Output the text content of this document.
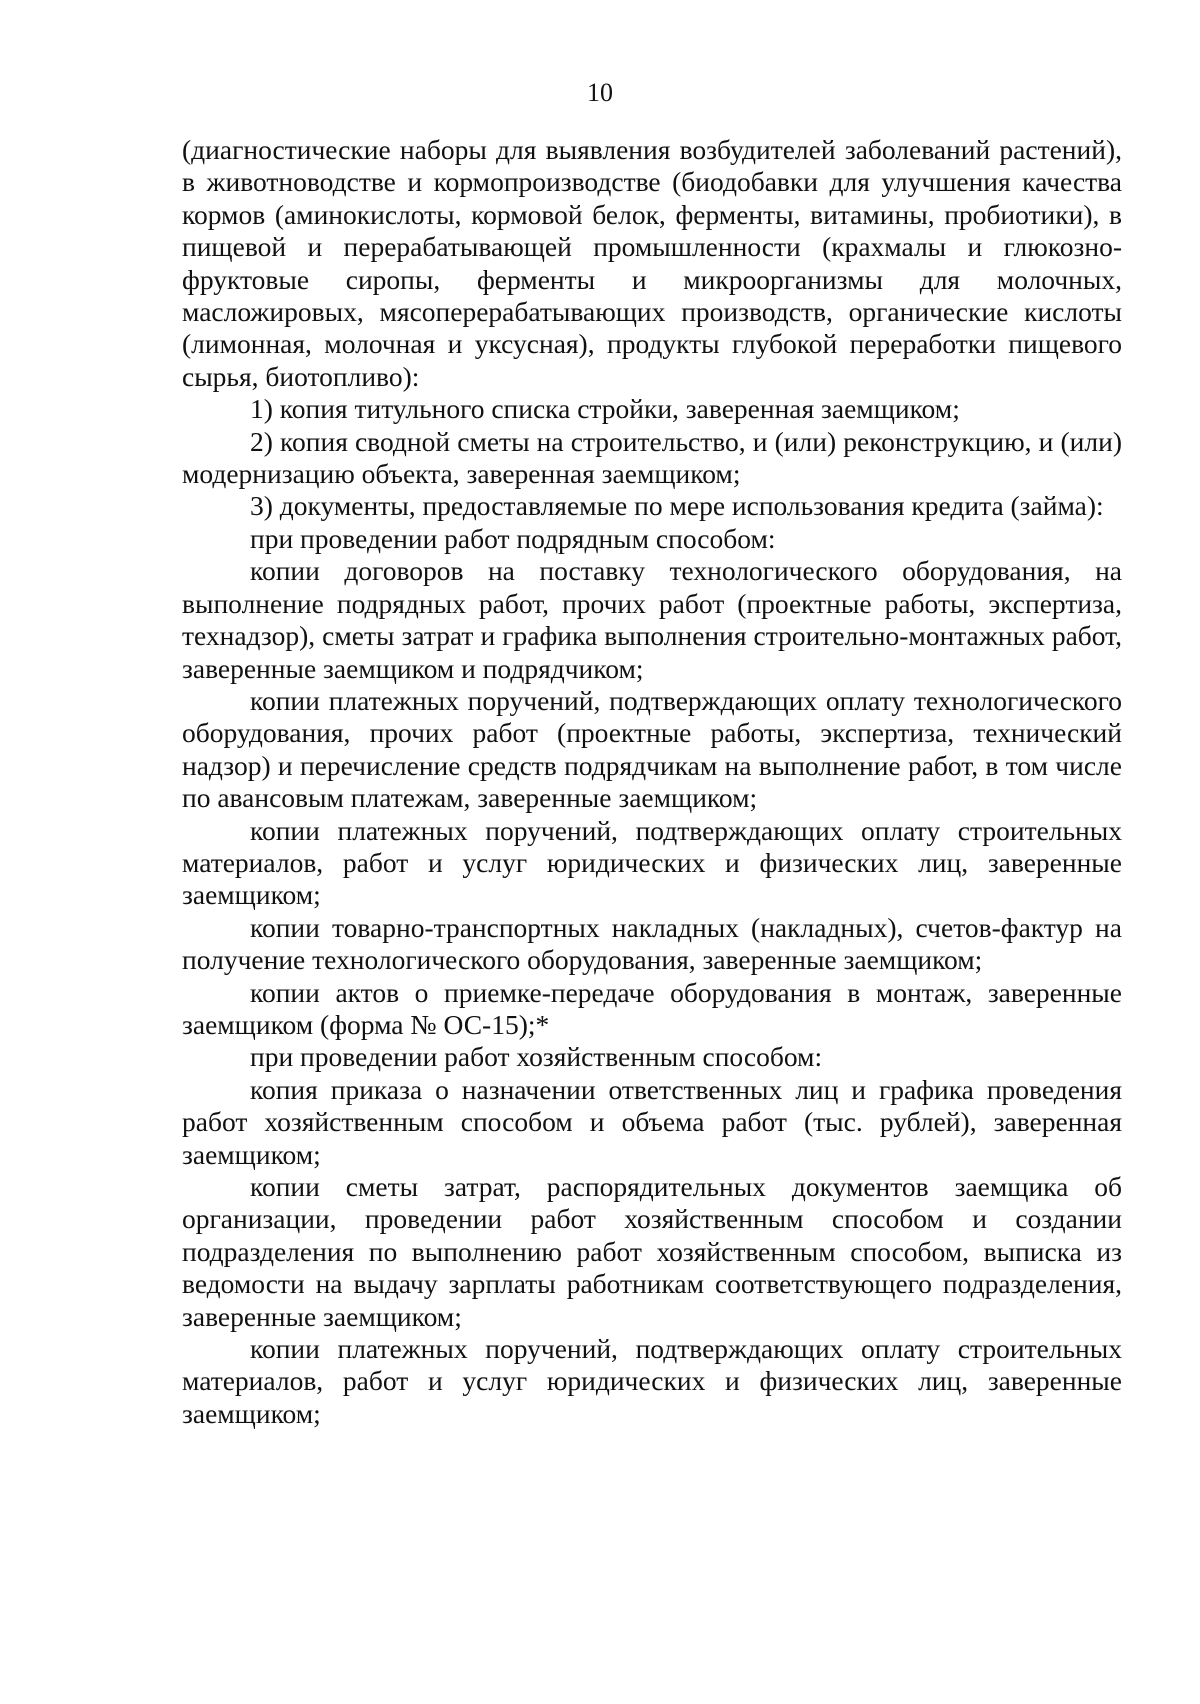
10

(диагностические наборы для выявления возбудителей заболеваний растений), в животноводстве и кормопроизводстве (биодобавки для улучшения качества кормов (аминокислоты, кормовой белок, ферменты, витамины, пробиотики), в пищевой и перерабатывающей промышленности (крахмалы и глюкозно-фруктовые сиропы, ферменты и микроорганизмы для молочных, масложировых, мясоперерабатывающих производств, органические кислоты (лимонная, молочная и уксусная), продукты глубокой переработки пищевого сырья, биотопливо):

1) копия титульного списка стройки, заверенная заемщиком;

2) копия сводной сметы на строительство, и (или) реконструкцию, и (или) модернизацию объекта, заверенная заемщиком;

3) документы, предоставляемые по мере использования кредита (займа):

при проведении работ подрядным способом:

копии договоров на поставку технологического оборудования, на выполнение подрядных работ, прочих работ (проектные работы, экспертиза, технадзор), сметы затрат и графика выполнения строительно-монтажных работ, заверенные заемщиком и подрядчиком;

копии платежных поручений, подтверждающих оплату технологического оборудования, прочих работ (проектные работы, экспертиза, технический надзор) и перечисление средств подрядчикам на выполнение работ, в том числе по авансовым платежам, заверенные заемщиком;

копии платежных поручений, подтверждающих оплату строительных материалов, работ и услуг юридических и физических лиц, заверенные заемщиком;

копии товарно-транспортных накладных (накладных), счетов-фактур на получение технологического оборудования, заверенные заемщиком;

копии актов о приемке-передаче оборудования в монтаж, заверенные заемщиком (форма № ОС-15);*

при проведении работ хозяйственным способом:

копия приказа о назначении ответственных лиц и графика проведения работ хозяйственным способом и объема работ (тыс. рублей), заверенная заемщиком;

копии сметы затрат, распорядительных документов заемщика об организации, проведении работ хозяйственным способом и создании подразделения по выполнению работ хозяйственным способом, выписка из ведомости на выдачу зарплаты работникам соответствующего подразделения, заверенные заемщиком;

копии платежных поручений, подтверждающих оплату строительных материалов, работ и услуг юридических и физических лиц, заверенные заемщиком;
